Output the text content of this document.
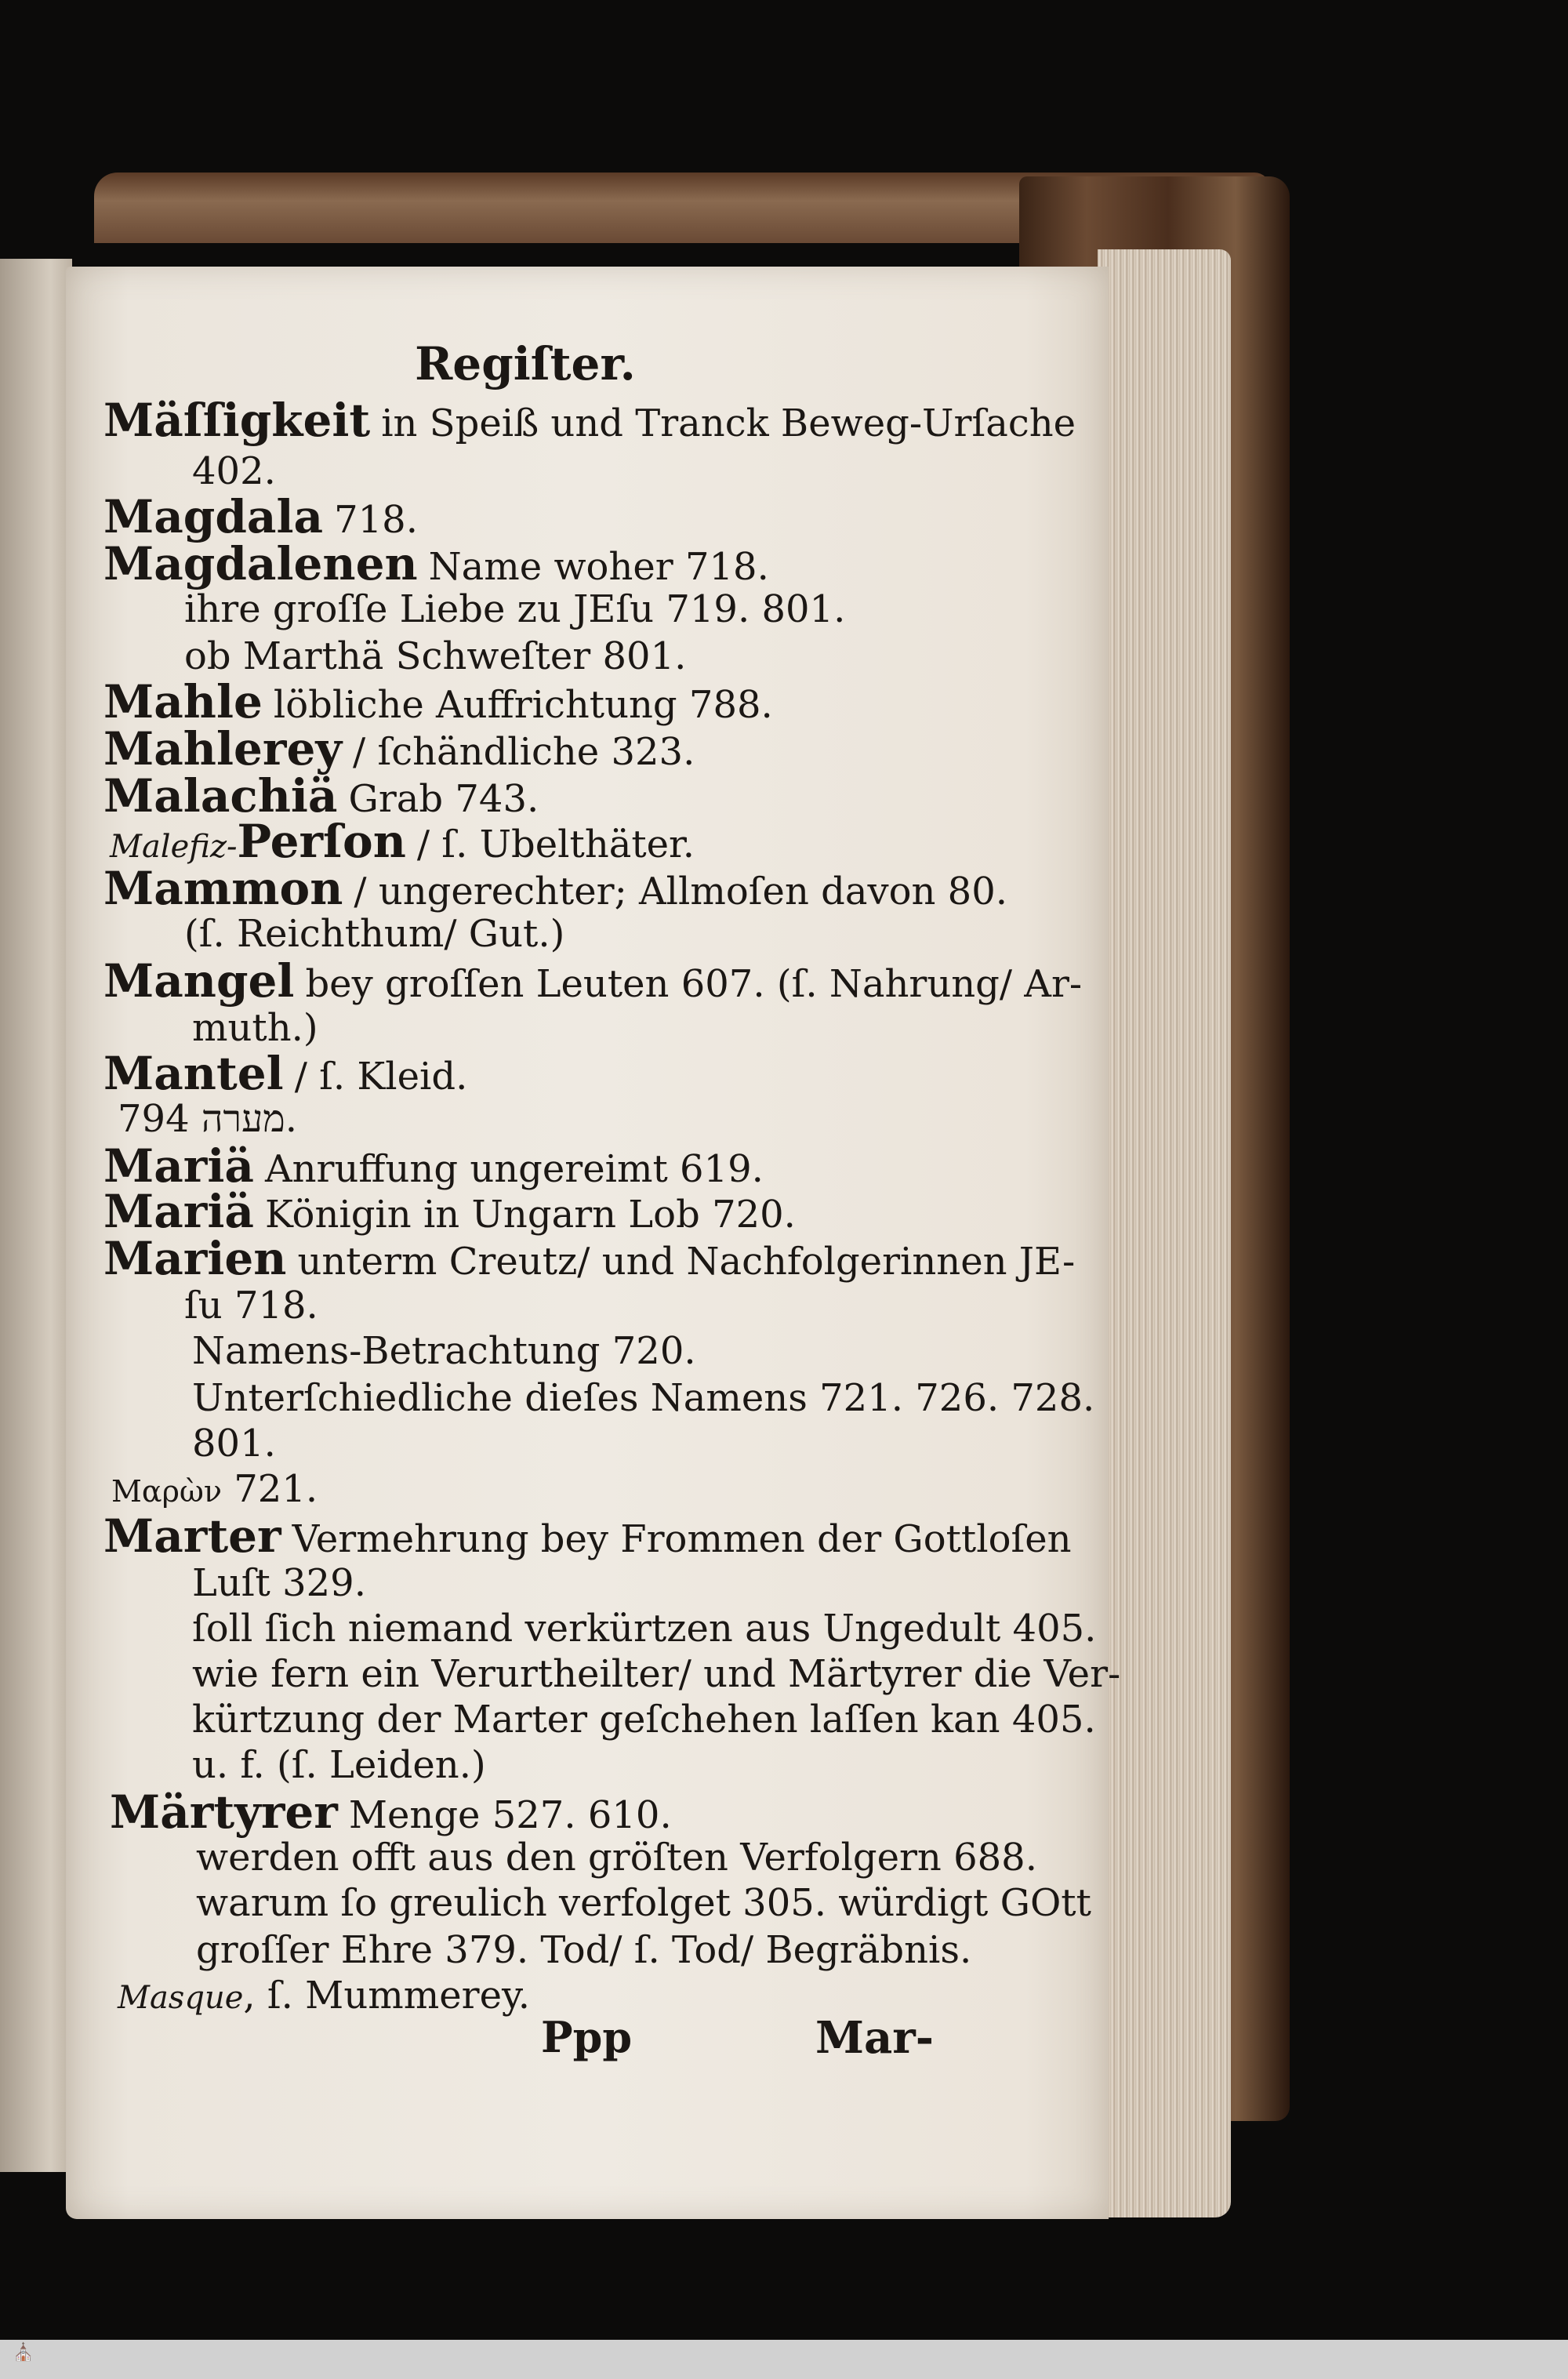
Regiſter.
Mäſſigkeit in Speiß und Tranck Beweg-Urſache
402.
Magdala 718.
Magdalenen Name woher 718.
ihre groſſe Liebe zu JEſu 719. 801.
ob Marthä Schweſter 801.
Mahle löbliche Auffrichtung 788.
Mahlerey / ſchändliche 323.
Malachiä Grab 743.
Malefiz-Perſon / ſ. Ubelthäter.
Mammon / ungerechter; Allmoſen davon 80.
(ſ. Reichthum/ Gut.)
Mangel bey groſſen Leuten 607. (ſ. Nahrung/ Ar-
muth.)
Mantel / ſ. Kleid.
מערה 794.
Mariä Anruffung ungereimt 619.
Mariä Königin in Ungarn Lob 720.
Marien unterm Creutz/ und Nachfolgerinnen JE-
ſu 718.
Namens-Betrachtung 720.
Unterſchiedliche dieſes Namens 721. 726. 728.
801.
Μαρὼν 721.
Marter Vermehrung bey Frommen der Gottloſen
Luſt 329.
ſoll ſich niemand verkürtzen aus Ungedult 405.
wie fern ein Verurtheilter/ und Märtyrer die Ver-
kürtzung der Marter geſchehen laſſen kan 405.
u. f. (ſ. Leiden.)
Märtyrer Menge 527. 610.
werden offt aus den gröſten Verfolgern 688.
warum ſo greulich verfolget 305. würdigt GOtt
groſſer Ehre 379. Tod/ ſ. Tod/ Begräbnis.
Masque, ſ. Mummerey.
Ppp	Mar-
⛪
